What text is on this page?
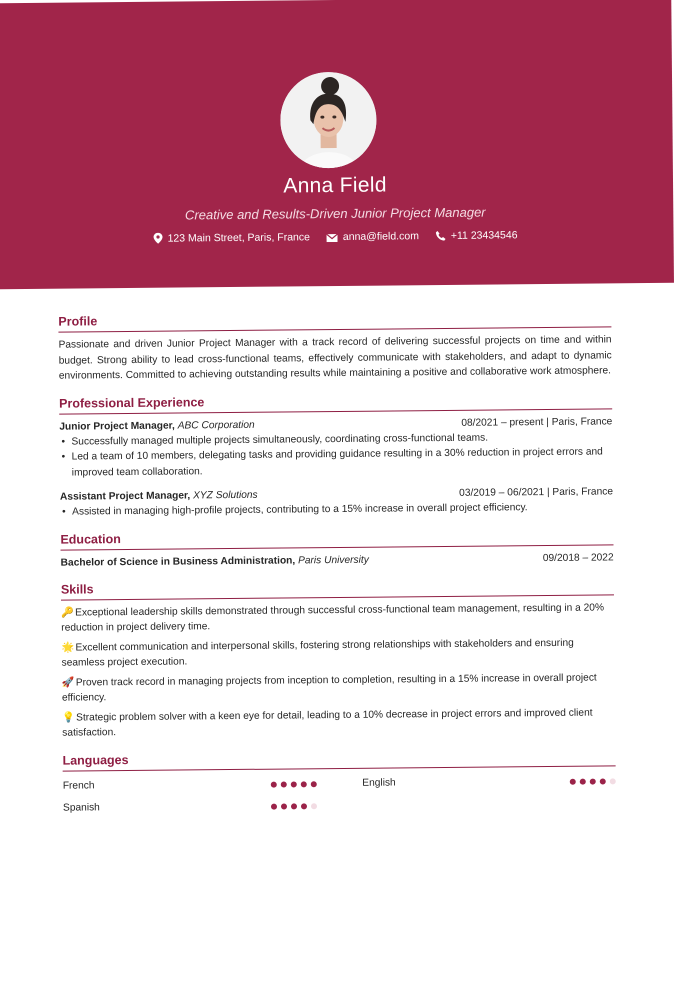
Anna Field
Creative and Results-Driven Junior Project Manager
123 Main Street, Paris, France	anna@field.com	+11 23434546
Profile

Passionate and driven Junior Project Manager with a track record of delivering successful projects on time and within budget. Strong ability to lead cross-functional teams, effectively communicate with stakeholders, and adapt to dynamic environments. Committed to achieving outstanding results while maintaining a positive and collaborative work atmosphere.

Professional Experience
Junior Project Manager, ABC Corporation	08/2021 – present | Paris, France
• Successfully managed multiple projects simultaneously, coordinating cross-functional teams.
• Led a team of 10 members, delegating tasks and providing guidance resulting in a 30% reduction in project errors and improved team collaboration.
Assistant Project Manager, XYZ Solutions	03/2019 – 06/2021 | Paris, France
• Assisted in managing high-profile projects, contributing to a 15% increase in overall project efficiency.
Education
Bachelor of Science in Business Administration, Paris University	09/2018 – 2022
Skills
🔑Exceptional leadership skills demonstrated through successful cross-functional team management, resulting in a 20% reduction in project delivery time.
🌟Excellent communication and interpersonal skills, fostering strong relationships with stakeholders and ensuring seamless project execution.
🚀Proven track record in managing projects from inception to completion, resulting in a 15% increase in overall project efficiency.
💡Strategic problem solver with a keen eye for detail, leading to a 10% decrease in project errors and improved client satisfaction.
Languages
French	English
Spanish
